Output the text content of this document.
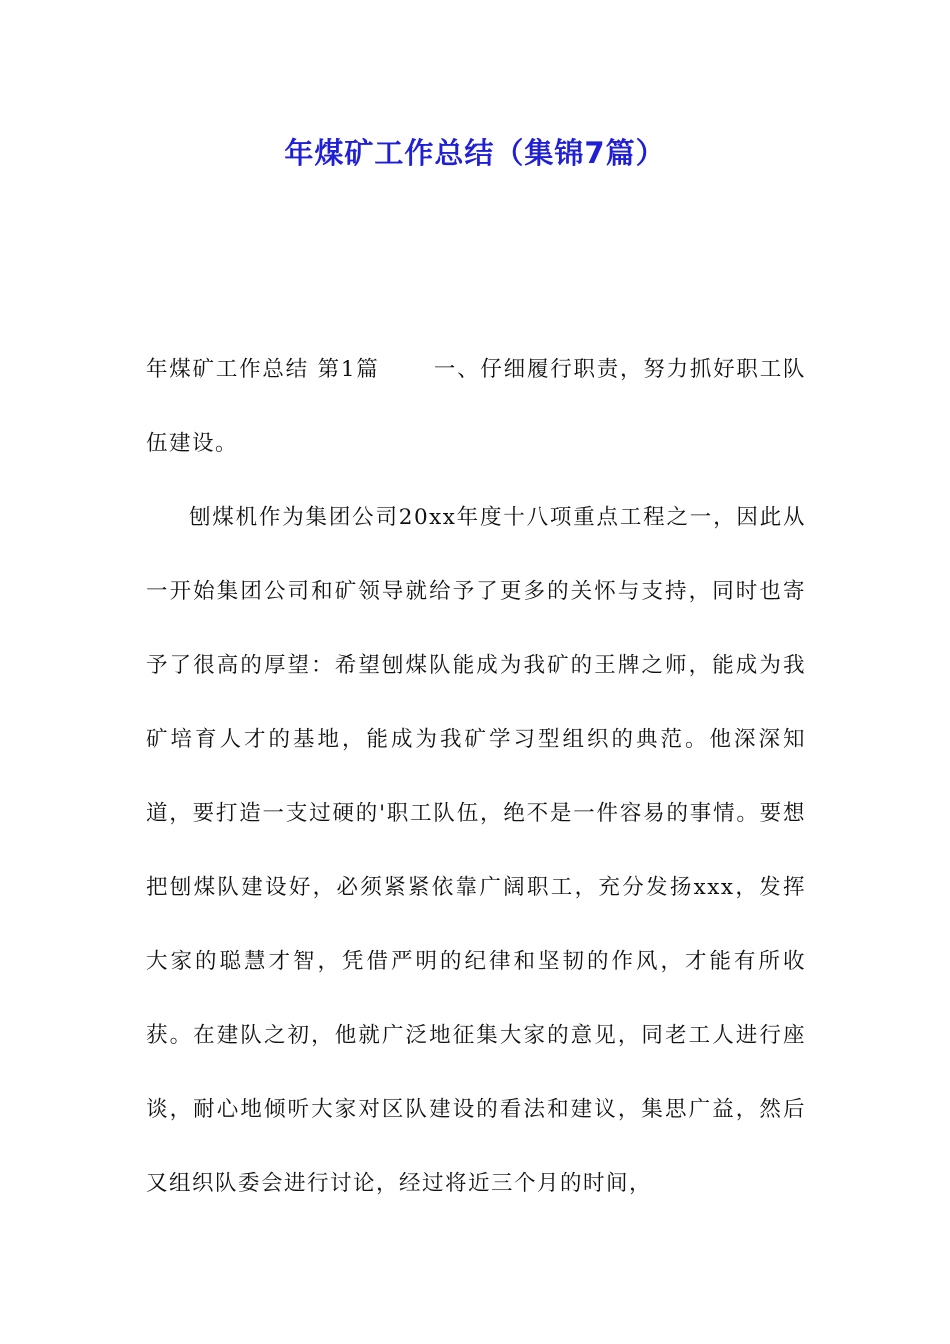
年煤矿工作总结（集锦7篇）

年煤矿工作总结 第1篇	一、仔细履行职责，努力抓好职工队伍建设。

刨煤机作为集团公司20xx年度十八项重点工程之一，因此从一开始集团公司和矿领导就给予了更多的关怀与支持，同时也寄予了很高的厚望：希望刨煤队能成为我矿的王牌之师，能成为我矿培育人才的基地，能成为我矿学习型组织的典范。他深深知道，要打造一支过硬的'职工队伍，绝不是一件容易的事情。要想把刨煤队建设好，必须紧紧依靠广阔职工，充分发扬xxx，发挥大家的聪慧才智，凭借严明的纪律和坚韧的作风，才能有所收获。在建队之初，他就广泛地征集大家的意见，同老工人进行座谈，耐心地倾听大家对区队建设的看法和建议，集思广益，然后又组织队委会进行讨论，经过将近三个月的时间，
